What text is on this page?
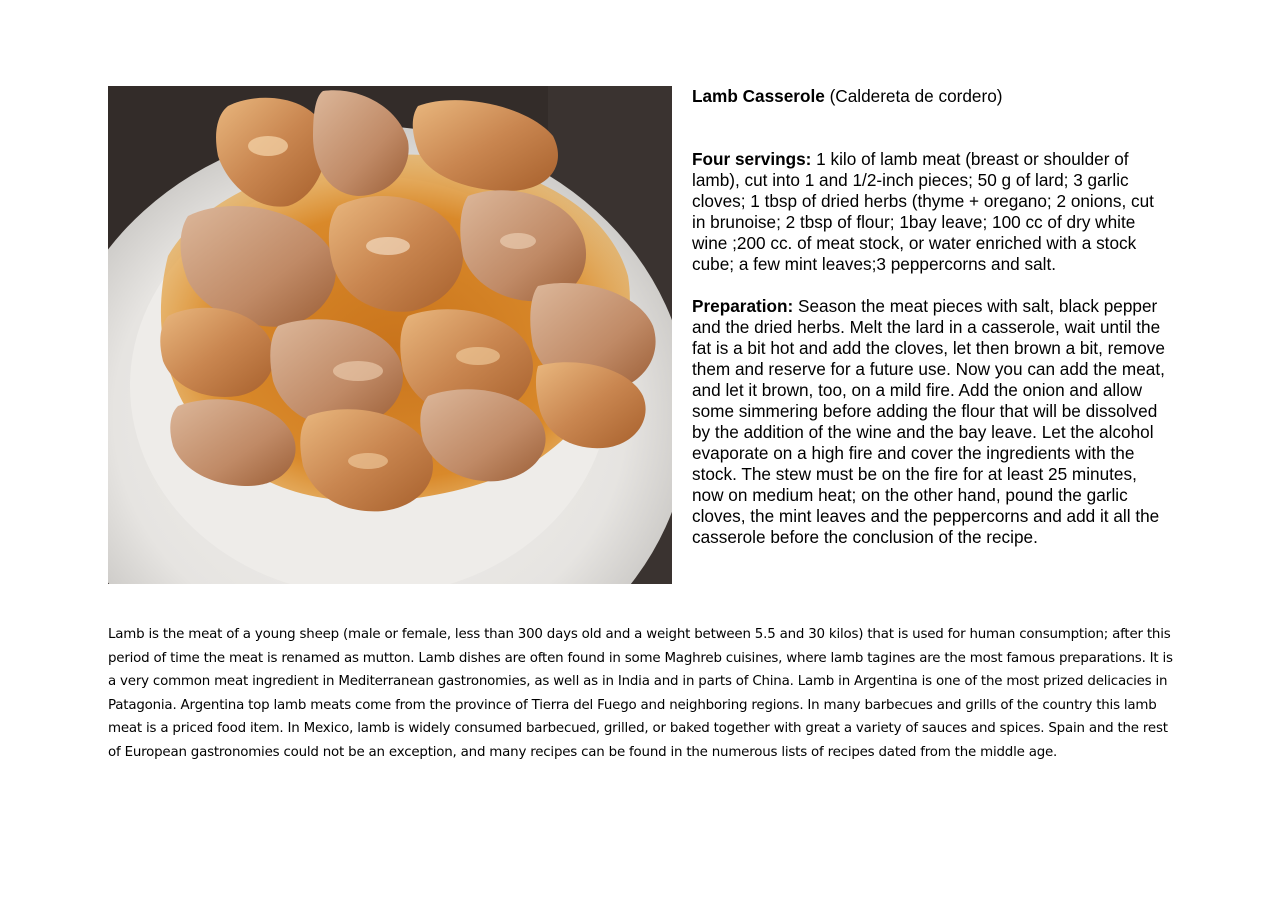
Lamb Casserole (Caldereta de cordero)

Four servings: 1 kilo of lamb meat (breast or shoulder of lamb), cut into 1 and 1/2-inch pieces; 50 g of lard; 3 garlic cloves; 1 tbsp of dried herbs (thyme + oregano; 2 onions, cut in brunoise; 2 tbsp of flour; 1bay leave; 100 cc of dry white wine ;200 cc. of meat stock, or water enriched with a stock cube; a few mint leaves;3 peppercorns and salt.

Preparation: Season the meat pieces with salt, black pepper and the dried herbs. Melt the lard in a casserole, wait until the fat is a bit hot and add the cloves, let then brown a bit, remove them and reserve for a future use. Now you can add the meat, and let it brown, too, on a mild fire. Add the onion and allow some simmering before adding the flour that will be dissolved by the addition of the wine and the bay leave. Let the alcohol evaporate on a high fire and cover the ingredients with the stock. The stew must be on the fire for at least 25 minutes, now on medium heat; on the other hand, pound the garlic cloves, the mint leaves and the peppercorns and add it all the casserole before the conclusion of the recipe.

Lamb is the meat of a young sheep (male or female, less than 300 days old and a weight between 5.5 and 30 kilos) that is used for human consumption; after this period of time the meat is renamed as mutton. Lamb dishes are often found in some Maghreb cuisines, where lamb tagines are the most famous preparations. It is a very common meat ingredient in Mediterranean gastronomies, as well as in India and in parts of China. Lamb in Argentina is one of the most prized delicacies in Patagonia. Argentina top lamb meats come from the province of Tierra del Fuego and neighboring regions. In many barbecues and grills of the country this lamb meat is a priced food item. In Mexico, lamb is widely consumed barbecued, grilled, or baked together with great a variety of sauces and spices. Spain and the rest of European gastronomies could not be an exception, and many recipes can be found in the numerous lists of recipes dated from the middle age.
